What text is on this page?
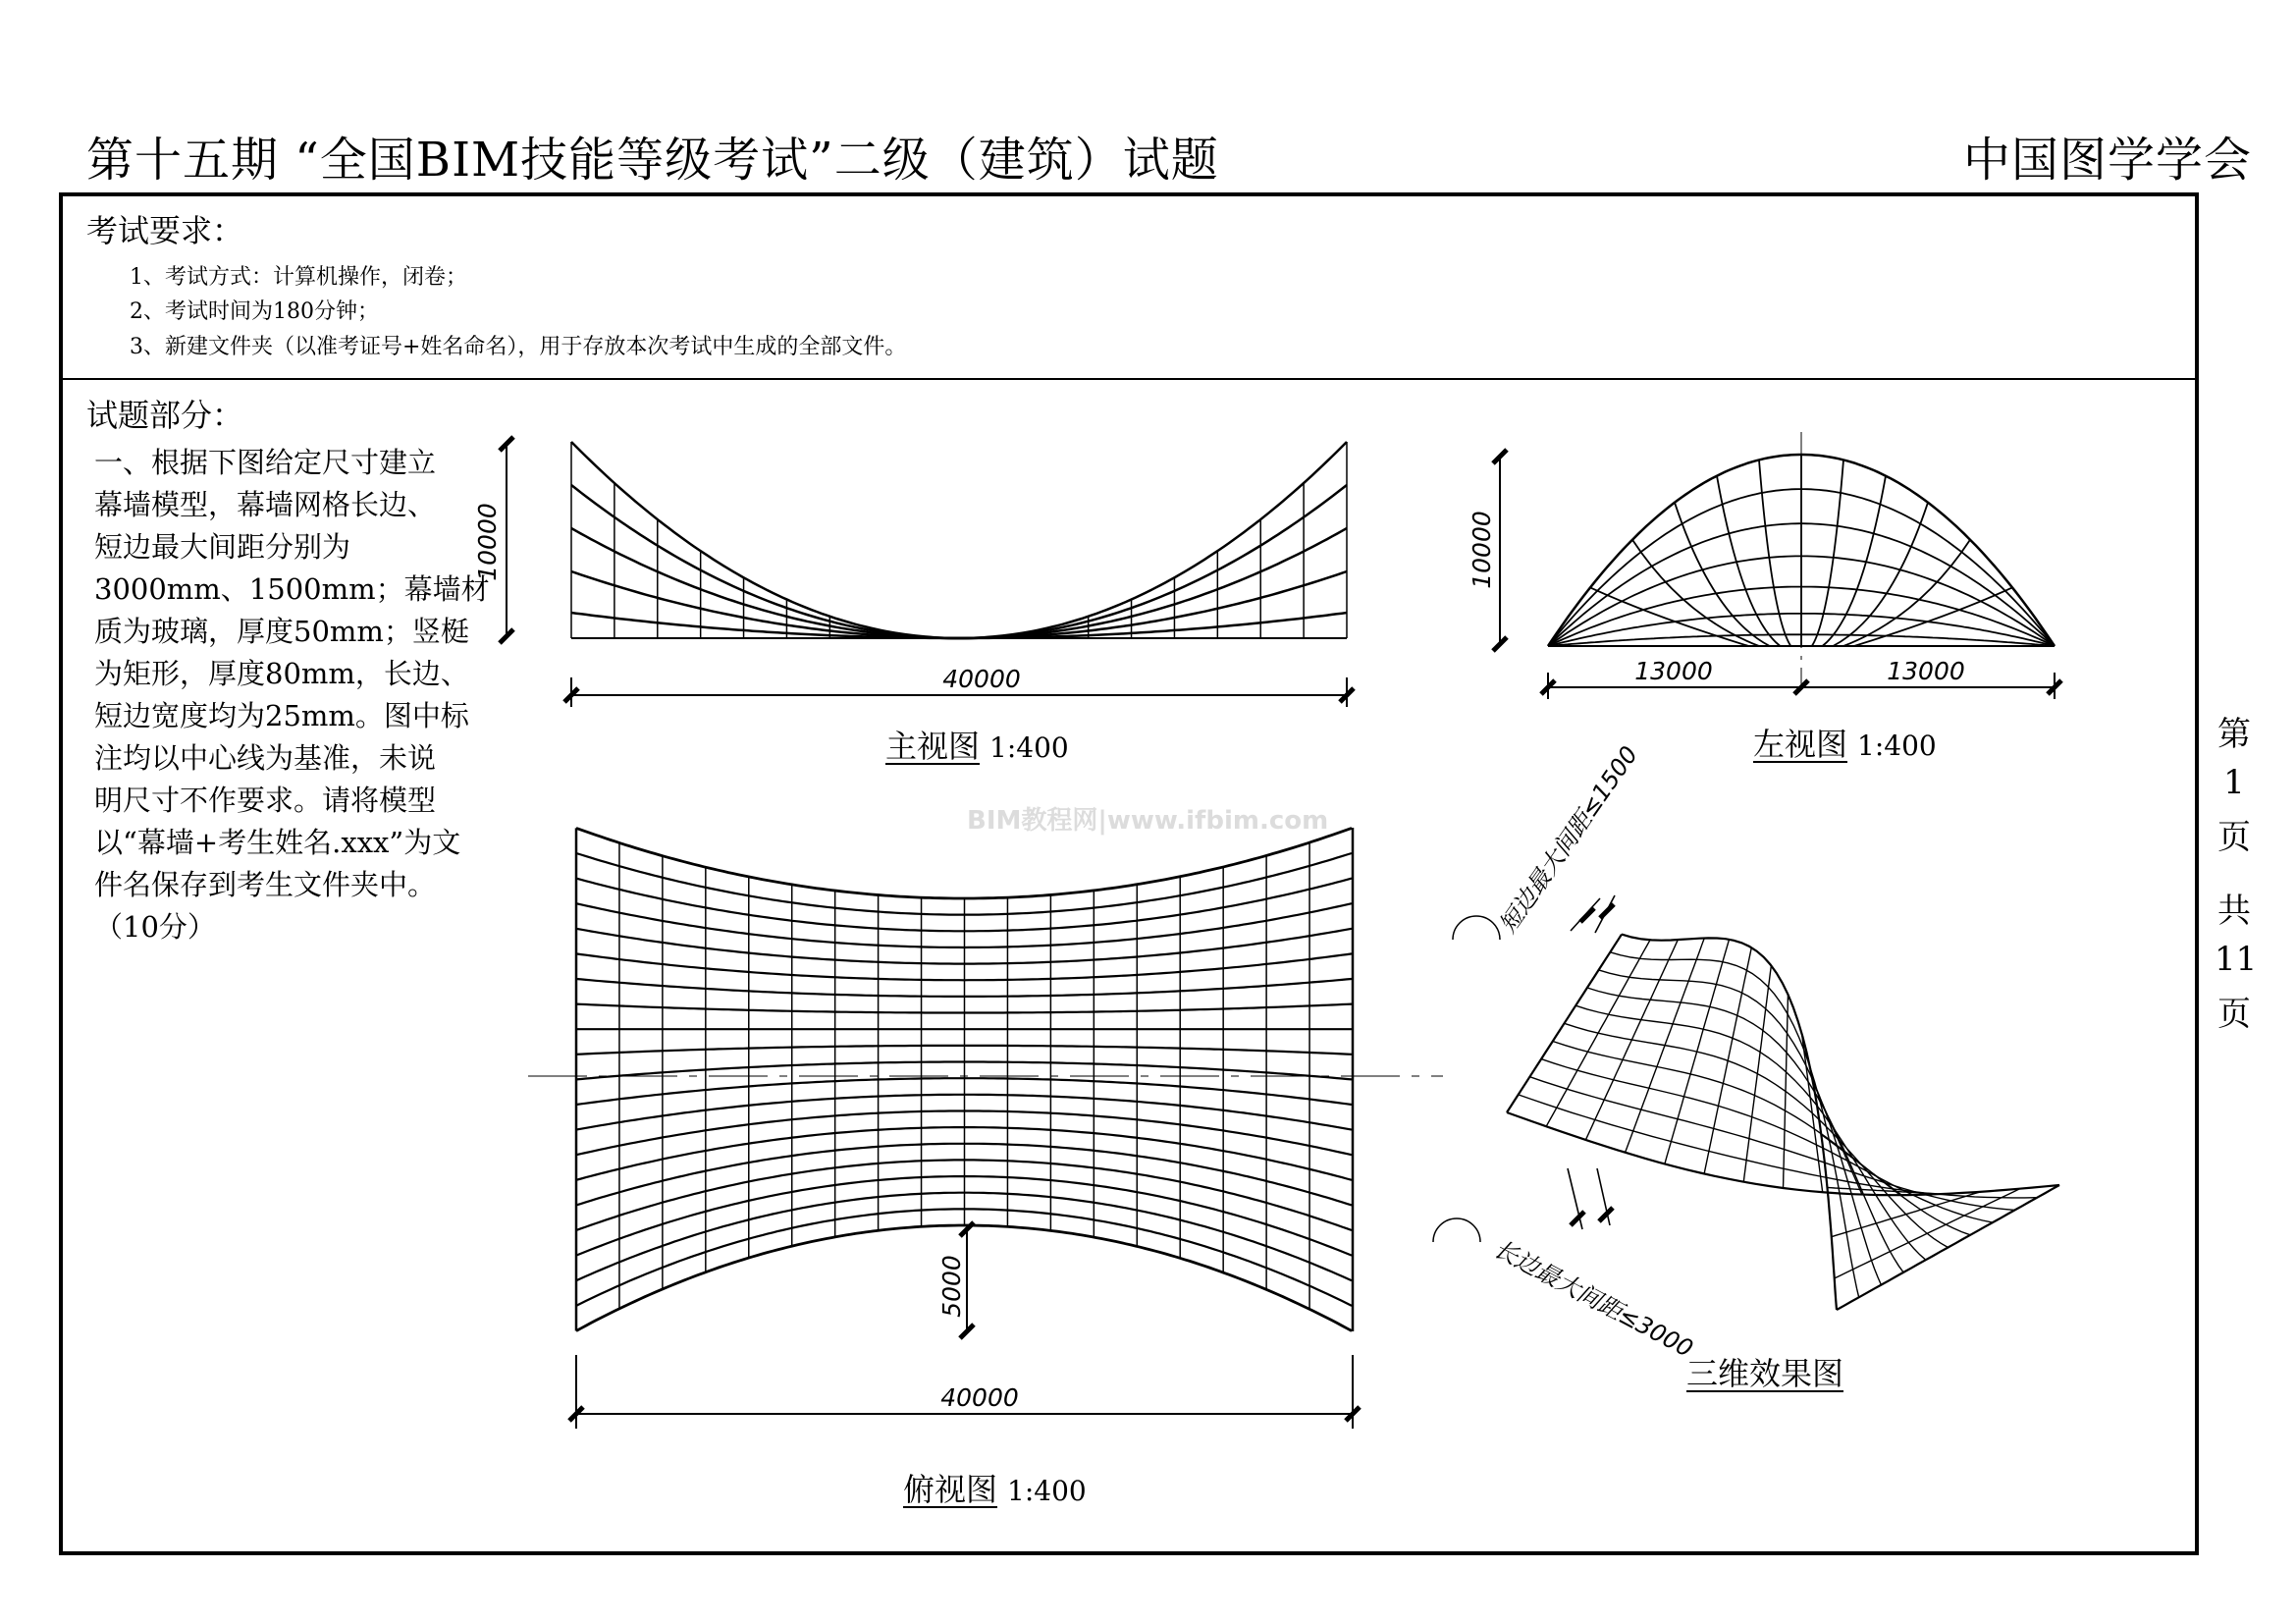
第十五期 “全国BIM技能等级考试”二级（建筑）试题	中国图学学会
考试要求：
1、考试方式：计算机操作，闭卷；
2、考试时间为180分钟；
3、新建文件夹（以准考证号+姓名命名），用于存放本次考试中生成的全部文件。
试题部分：
一、根据下图给定尺寸建立
幕墙模型，幕墙网格长边、
短边最大间距分别为
3000mm、1500mm；幕墙材
质为玻璃，厚度50mm；竖梃
为矩形，厚度80mm，长边、
短边宽度均为25mm。图中标
注均以中心线为基准，未说
明尺寸不作要求。请将模型
以“幕墙+考生姓名.xxx”为文
件名保存到考生文件夹中。
（10分）
第
1
页
共
11
页
BIM教程网|www.ifbim.com
40000
10000	10000
13000	13000
5000
40000
短边最大间距≤1500
长边最大间距≤3000
主视图 1:400	左视图 1:400
俯视图 1:400
三维效果图
